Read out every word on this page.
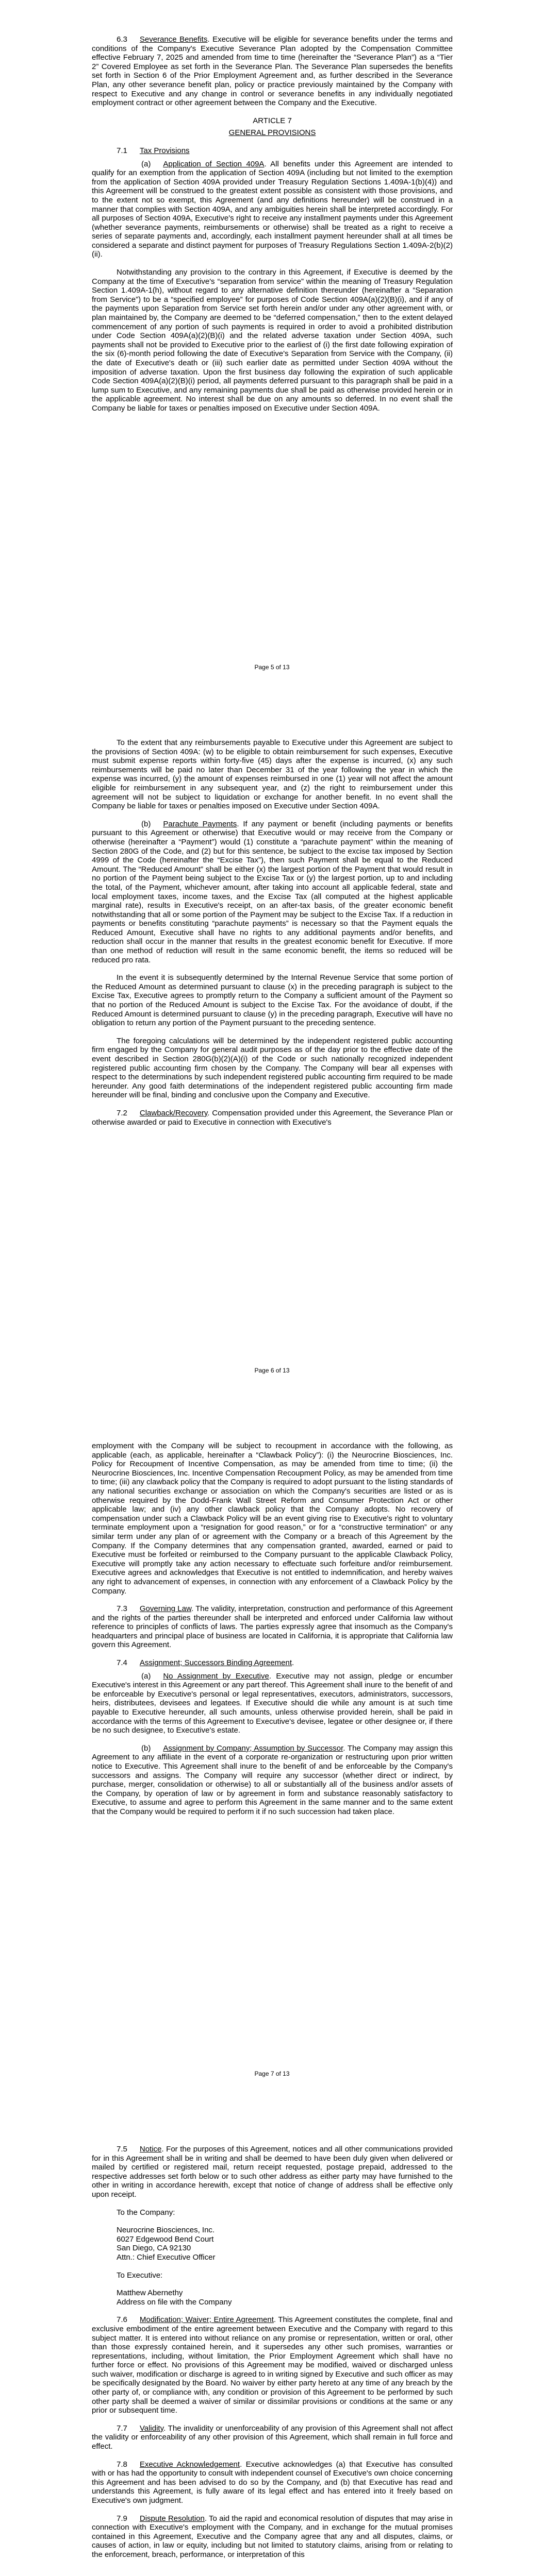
6.3 Severance Benefits. Executive will be eligible for severance benefits under the terms and conditions of the Company's Executive Severance Plan adopted by the Compensation Committee effective February 7, 2025 and amended from time to time (hereinafter the “Severance Plan”) as a “Tier 2” Covered Employee as set forth in the Severance Plan. The Severance Plan supersedes the benefits set forth in Section 6 of the Prior Employment Agreement and, as further described in the Severance Plan, any other severance benefit plan, policy or practice previously maintained by the Company with respect to Executive and any change in control or severance benefits in any individually negotiated employment contract or other agreement between the Company and the Executive.

ARTICLE 7

GENERAL PROVISIONS

7.1 Tax Provisions

(a) Application of Section 409A. All benefits under this Agreement are intended to qualify for an exemption from the application of Section 409A (including but not limited to the exemption from the application of Section 409A provided under Treasury Regulation Sections 1.409A-1(b)(4)) and this Agreement will be construed to the greatest extent possible as consistent with those provisions, and to the extent not so exempt, this Agreement (and any definitions hereunder) will be construed in a manner that complies with Section 409A, and any ambiguities herein shall be interpreted accordingly. For all purposes of Section 409A, Executive's right to receive any installment payments under this Agreement (whether severance payments, reimbursements or otherwise) shall be treated as a right to receive a series of separate payments and, accordingly, each installment payment hereunder shall at all times be considered a separate and distinct payment for purposes of Treasury Regulations Section 1.409A-2(b)(2)(ii).

Notwithstanding any provision to the contrary in this Agreement, if Executive is deemed by the Company at the time of Executive's “separation from service” within the meaning of Treasury Regulation Section 1.409A-1(h), without regard to any alternative definition thereunder (hereinafter a “Separation from Service”) to be a “specified employee” for purposes of Code Section 409A(a)(2)(B)(i), and if any of the payments upon Separation from Service set forth herein and/or under any other agreement with, or plan maintained by, the Company are deemed to be “deferred compensation,” then to the extent delayed commencement of any portion of such payments is required in order to avoid a prohibited distribution under Code Section 409A(a)(2)(B)(i) and the related adverse taxation under Section 409A, such payments shall not be provided to Executive prior to the earliest of (i) the first date following expiration of the six (6)-month period following the date of Executive's Separation from Service with the Company, (ii) the date of Executive's death or (iii) such earlier date as permitted under Section 409A without the imposition of adverse taxation. Upon the first business day following the expiration of such applicable Code Section 409A(a)(2)(B)(i) period, all payments deferred pursuant to this paragraph shall be paid in a lump sum to Executive, and any remaining payments due shall be paid as otherwise provided herein or in the applicable agreement. No interest shall be due on any amounts so deferred. In no event shall the Company be liable for taxes or penalties imposed on Executive under Section 409A.

Page 5 of 13

To the extent that any reimbursements payable to Executive under this Agreement are subject to the provisions of Section 409A: (w) to be eligible to obtain reimbursement for such expenses, Executive must submit expense reports within forty-five (45) days after the expense is incurred, (x) any such reimbursements will be paid no later than December 31 of the year following the year in which the expense was incurred, (y) the amount of expenses reimbursed in one (1) year will not affect the amount eligible for reimbursement in any subsequent year, and (z) the right to reimbursement under this agreement will not be subject to liquidation or exchange for another benefit. In no event shall the Company be liable for taxes or penalties imposed on Executive under Section 409A.

(b) Parachute Payments. If any payment or benefit (including payments or benefits pursuant to this Agreement or otherwise) that Executive would or may receive from the Company or otherwise (hereinafter a “Payment”) would (1) constitute a “parachute payment” within the meaning of Section 280G of the Code, and (2) but for this sentence, be subject to the excise tax imposed by Section 4999 of the Code (hereinafter the “Excise Tax”), then such Payment shall be equal to the Reduced Amount. The “Reduced Amount” shall be either (x) the largest portion of the Payment that would result in no portion of the Payment being subject to the Excise Tax or (y) the largest portion, up to and including the total, of the Payment, whichever amount, after taking into account all applicable federal, state and local employment taxes, income taxes, and the Excise Tax (all computed at the highest applicable marginal rate), results in Executive's receipt, on an after-tax basis, of the greater economic benefit notwithstanding that all or some portion of the Payment may be subject to the Excise Tax. If a reduction in payments or benefits constituting “parachute payments” is necessary so that the Payment equals the Reduced Amount, Executive shall have no rights to any additional payments and/or benefits, and reduction shall occur in the manner that results in the greatest economic benefit for Executive. If more than one method of reduction will result in the same economic benefit, the items so reduced will be reduced pro rata.

In the event it is subsequently determined by the Internal Revenue Service that some portion of the Reduced Amount as determined pursuant to clause (x) in the preceding paragraph is subject to the Excise Tax, Executive agrees to promptly return to the Company a sufficient amount of the Payment so that no portion of the Reduced Amount is subject to the Excise Tax. For the avoidance of doubt, if the Reduced Amount is determined pursuant to clause (y) in the preceding paragraph, Executive will have no obligation to return any portion of the Payment pursuant to the preceding sentence.

The foregoing calculations will be determined by the independent registered public accounting firm engaged by the Company for general audit purposes as of the day prior to the effective date of the event described in Section 280G(b)(2)(A)(i) of the Code or such nationally recognized independent registered public accounting firm chosen by the Company. The Company will bear all expenses with respect to the determinations by such independent registered public accounting firm required to be made hereunder. Any good faith determinations of the independent registered public accounting firm made hereunder will be final, binding and conclusive upon the Company and Executive.

7.2 Clawback/Recovery. Compensation provided under this Agreement, the Severance Plan or otherwise awarded or paid to Executive in connection with Executive's

Page 6 of 13

employment with the Company will be subject to recoupment in accordance with the following, as applicable (each, as applicable, hereinafter a “Clawback Policy”): (i) the Neurocrine Biosciences, Inc. Policy for Recoupment of Incentive Compensation, as may be amended from time to time; (ii) the Neurocrine Biosciences, Inc. Incentive Compensation Recoupment Policy, as may be amended from time to time; (iii) any clawback policy that the Company is required to adopt pursuant to the listing standards of any national securities exchange or association on which the Company's securities are listed or as is otherwise required by the Dodd-Frank Wall Street Reform and Consumer Protection Act or other applicable law; and (iv) any other clawback policy that the Company adopts. No recovery of compensation under such a Clawback Policy will be an event giving rise to Executive's right to voluntary terminate employment upon a “resignation for good reason,” or for a “constructive termination” or any similar term under any plan of or agreement with the Company or a breach of this Agreement by the Company. If the Company determines that any compensation granted, awarded, earned or paid to Executive must be forfeited or reimbursed to the Company pursuant to the applicable Clawback Policy, Executive will promptly take any action necessary to effectuate such forfeiture and/or reimbursement. Executive agrees and acknowledges that Executive is not entitled to indemnification, and hereby waives any right to advancement of expenses, in connection with any enforcement of a Clawback Policy by the Company.

7.3 Governing Law. The validity, interpretation, construction and performance of this Agreement and the rights of the parties thereunder shall be interpreted and enforced under California law without reference to principles of conflicts of laws. The parties expressly agree that insomuch as the Company's headquarters and principal place of business are located in California, it is appropriate that California law govern this Agreement.

7.4 Assignment; Successors Binding Agreement.

(a) No Assignment by Executive. Executive may not assign, pledge or encumber Executive's interest in this Agreement or any part thereof. This Agreement shall inure to the benefit of and be enforceable by Executive's personal or legal representatives, executors, administrators, successors, heirs, distributees, devisees and legatees. If Executive should die while any amount is at such time payable to Executive hereunder, all such amounts, unless otherwise provided herein, shall be paid in accordance with the terms of this Agreement to Executive's devisee, legatee or other designee or, if there be no such designee, to Executive's estate.

(b) Assignment by Company; Assumption by Successor. The Company may assign this Agreement to any affiliate in the event of a corporate re-organization or restructuring upon prior written notice to Executive. This Agreement shall inure to the benefit of and be enforceable by the Company's successors and assigns. The Company will require any successor (whether direct or indirect, by purchase, merger, consolidation or otherwise) to all or substantially all of the business and/or assets of the Company, by operation of law or by agreement in form and substance reasonably satisfactory to Executive, to assume and agree to perform this Agreement in the same manner and to the same extent that the Company would be required to perform it if no such succession had taken place.

Page 7 of 13

7.5 Notice. For the purposes of this Agreement, notices and all other communications provided for in this Agreement shall be in writing and shall be deemed to have been duly given when delivered or mailed by certified or registered mail, return receipt requested, postage prepaid, addressed to the respective addresses set forth below or to such other address as either party may have furnished to the other in writing in accordance herewith, except that notice of change of address shall be effective only upon receipt.

To the Company:
Neurocrine Biosciences, Inc.
6027 Edgewood Bend Court
San Diego, CA 92130
Attn.: Chief Executive Officer
To Executive:
Matthew Abernethy
Address on file with the Company

7.6 Modification; Waiver; Entire Agreement. This Agreement constitutes the complete, final and exclusive embodiment of the entire agreement between Executive and the Company with regard to this subject matter. It is entered into without reliance on any promise or representation, written or oral, other than those expressly contained herein, and it supersedes any other such promises, warranties or representations, including, without limitation, the Prior Employment Agreement which shall have no further force or effect. No provisions of this Agreement may be modified, waived or discharged unless such waiver, modification or discharge is agreed to in writing signed by Executive and such officer as may be specifically designated by the Board. No waiver by either party hereto at any time of any breach by the other party of, or compliance with, any condition or provision of this Agreement to be performed by such other party shall be deemed a waiver of similar or dissimilar provisions or conditions at the same or any prior or subsequent time.

7.7 Validity. The invalidity or unenforceability of any provision of this Agreement shall not affect the validity or enforceability of any other provision of this Agreement, which shall remain in full force and effect.

7.8 Executive Acknowledgement. Executive acknowledges (a) that Executive has consulted with or has had the opportunity to consult with independent counsel of Executive's own choice concerning this Agreement and has been advised to do so by the Company, and (b) that Executive has read and understands this Agreement, is fully aware of its legal effect and has entered into it freely based on Executive's own judgment.

7.9 Dispute Resolution. To aid the rapid and economical resolution of disputes that may arise in connection with Executive's employment with the Company, and in exchange for the mutual promises contained in this Agreement, Executive and the Company agree that any and all disputes, claims, or causes of action, in law or equity, including but not limited to statutory claims, arising from or relating to the enforcement, breach, performance, or interpretation of this
